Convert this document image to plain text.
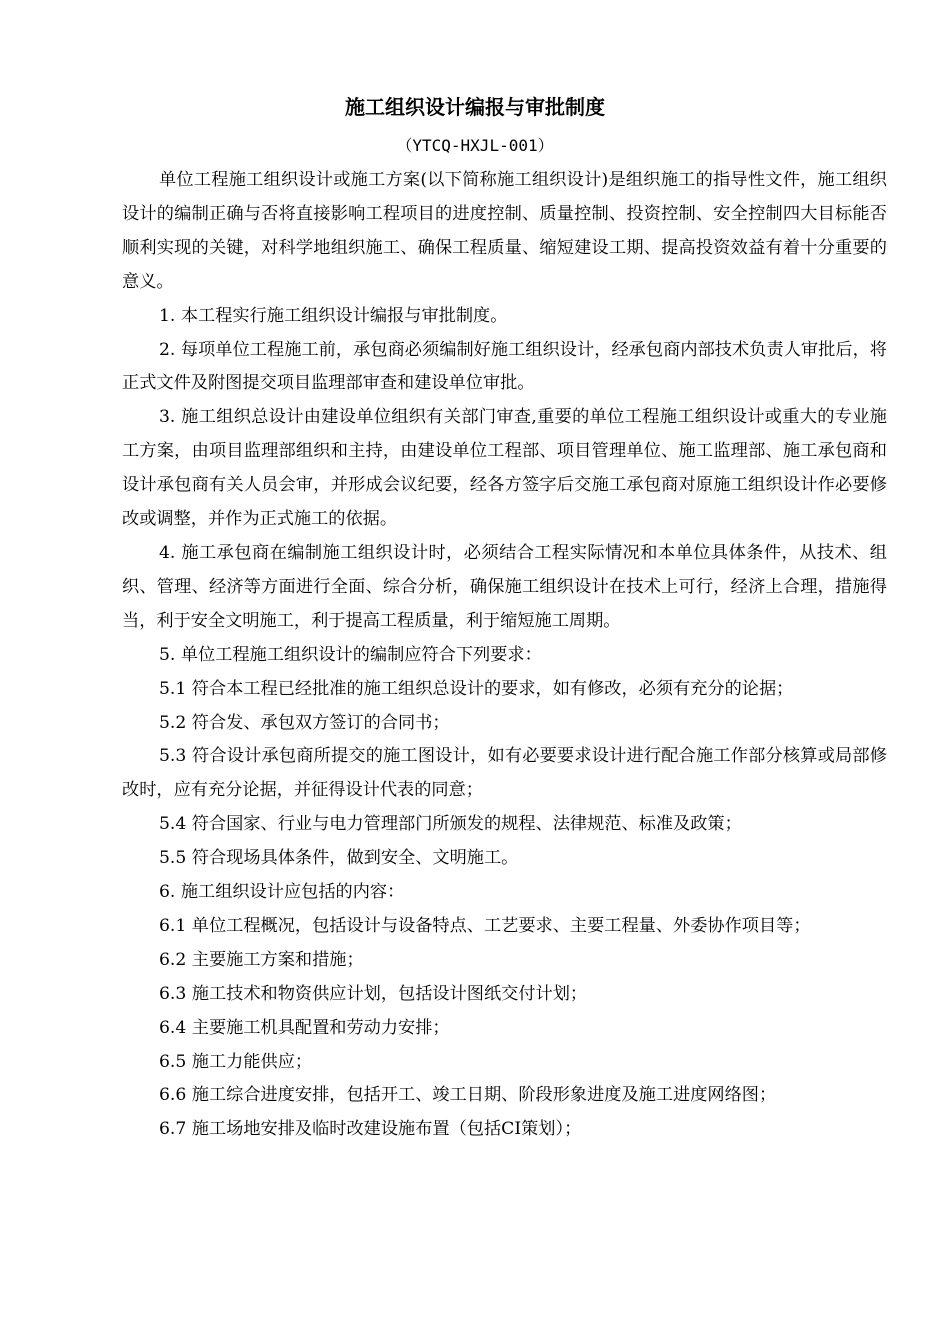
施工组织设计编报与审批制度
（YTCQ-HXJL-001）

单位工程施工组织设计或施工方案(以下简称施工组织设计)是组织施工的指导性文件，施工组织设计的编制正确与否将直接影响工程项目的进度控制、质量控制、投资控制、安全控制四大目标能否顺利实现的关键，对科学地组织施工、确保工程质量、缩短建设工期、提高投资效益有着十分重要的意义。

1. 本工程实行施工组织设计编报与审批制度。

2. 每项单位工程施工前，承包商必须编制好施工组织设计，经承包商内部技术负责人审批后，将正式文件及附图提交项目监理部审查和建设单位审批。

3. 施工组织总设计由建设单位组织有关部门审查,重要的单位工程施工组织设计或重大的专业施工方案，由项目监理部组织和主持，由建设单位工程部、项目管理单位、施工监理部、施工承包商和设计承包商有关人员会审，并形成会议纪要，经各方签字后交施工承包商对原施工组织设计作必要修改或调整，并作为正式施工的依据。

4. 施工承包商在编制施工组织设计时，必须结合工程实际情况和本单位具体条件，从技术、组织、管理、经济等方面进行全面、综合分析，确保施工组织设计在技术上可行，经济上合理，措施得当，利于安全文明施工，利于提高工程质量，利于缩短施工周期。

5. 单位工程施工组织设计的编制应符合下列要求：

5.1 符合本工程已经批准的施工组织总设计的要求，如有修改，必须有充分的论据；

5.2 符合发、承包双方签订的合同书；

5.3 符合设计承包商所提交的施工图设计，如有必要要求设计进行配合施工作部分核算或局部修改时，应有充分论据，并征得设计代表的同意；

5.4 符合国家、行业与电力管理部门所颁发的规程、法律规范、标准及政策；

5.5 符合现场具体条件，做到安全、文明施工。

6. 施工组织设计应包括的内容：

6.1 单位工程概况，包括设计与设备特点、工艺要求、主要工程量、外委协作项目等；

6.2 主要施工方案和措施；

6.3 施工技术和物资供应计划，包括设计图纸交付计划；

6.4 主要施工机具配置和劳动力安排；

6.5 施工力能供应；

6.6 施工综合进度安排，包括开工、竣工日期、阶段形象进度及施工进度网络图；

6.7 施工场地安排及临时改建设施布置（包括CI策划）；
